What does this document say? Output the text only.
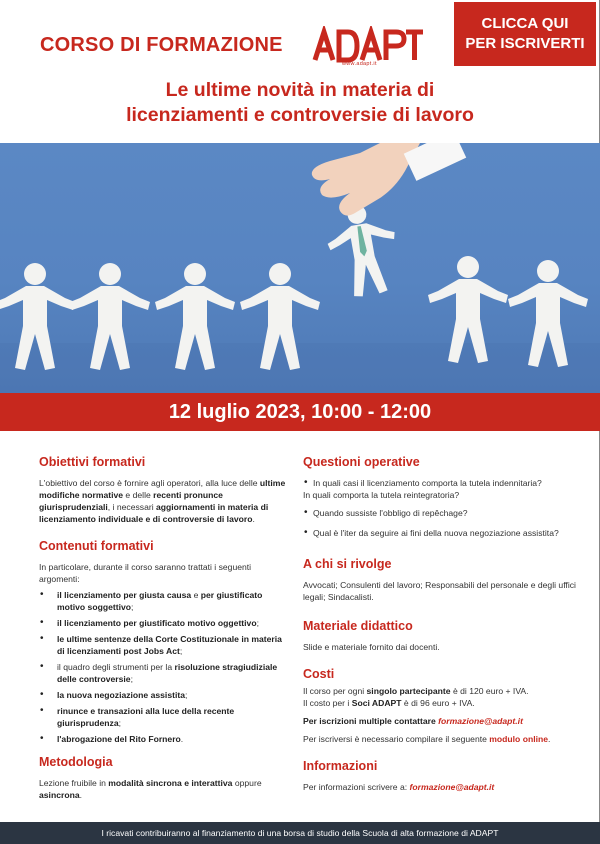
CORSO DI FORMAZIONE
www.adapt.it
CLICCA QUI
PER ISCRIVERTI
Le ultime novità in materia di
licenziamenti e controversie di lavoro
12 luglio 2023, 10:00 - 12:00
Obiettivi formativi

L'obiettivo del corso è fornire agli operatori, alla luce delle ultime modifiche normative e delle recenti pronunce giurisprudenziali, i necessari aggiornamenti in materia di licenziamento individuale e di controversie di lavoro.

Contenuti formativi

In particolare, durante il corso saranno trattati i seguenti argomenti:

• il licenziamento per giusta causa e per giustificato motivo soggettivo;
• il licenziamento per giustificato motivo oggettivo;
• le ultime sentenze della Corte Costituzionale in materia di licenziamenti post Jobs Act;
• il quadro degli strumenti per la risoluzione stragiudiziale delle controversie;
• la nuova negoziazione assistita;
• rinunce e transazioni alla luce della recente giurisprudenza;
• l'abrogazione del Rito Fornero.
Metodologia

Lezione fruibile in modalità sincrona e interattiva oppure asincrona.

Questioni operative
• In quali casi il licenziamento comporta la tutela indennitaria?
In quali comporta la tutela reintegratoria?
• Quando sussiste l'obbligo di repêchage?
• Qual è l'iter da seguire ai fini della nuova negoziazione assistita?
A chi si rivolge

Avvocati; Consulenti del lavoro; Responsabili del personale e degli uffici legali; Sindacalisti.

Materiale didattico

Slide e materiale fornito dai docenti.

Costi

Il corso per ogni singolo partecipante è di 120 euro + IVA.

Il costo per i Soci ADAPT è di 96 euro + IVA.

Per iscrizioni multiple contattare formazione@adapt.it

Per iscriversi è necessario compilare il seguente modulo online.

Informazioni

Per informazioni scrivere a: formazione@adapt.it

I ricavati contribuiranno al finanziamento di una borsa di studio della Scuola di alta formazione di ADAPT
